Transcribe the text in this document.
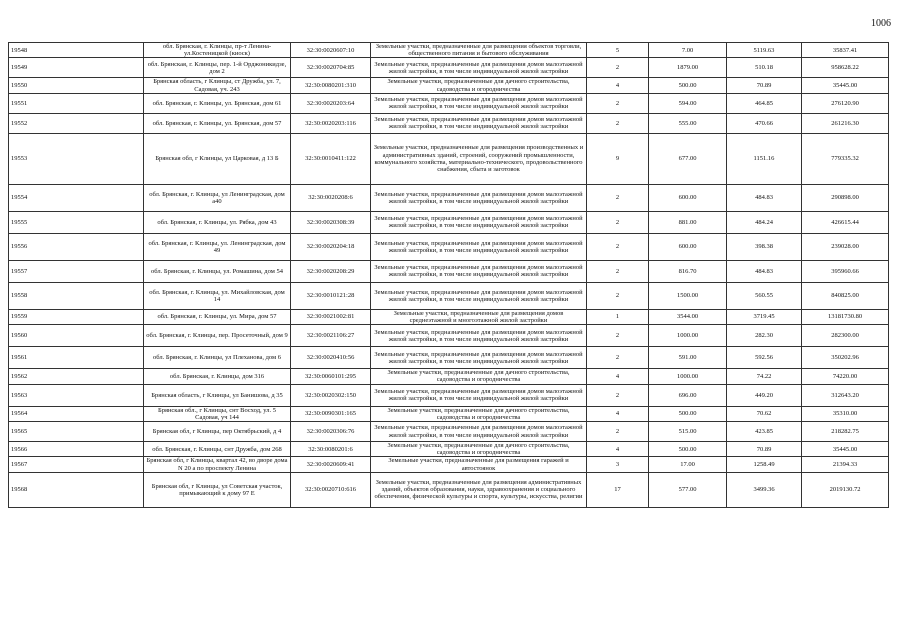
1006
19548	обл. Брянская, г. Клинцы, пр-т Ленина-ул.Костеницкой (киоск)	32:30:0020607:10	Земельные участки, предназначенные для размещения объектов торговли, общественного питания и бытового обслуживания	5	7.00	5119.63	35837.41
19549	обл. Брянская, г. Клинцы, пер. 1-й Орджоникидзе, дом 2	32:30:0020704:85	Земельные участки, предназначенные для размещения домов малоэтажной жилой застройки, в том числе индивидуальной жилой застройки	2	1879.00	510.18	958628.22
19550	Брянская область, г Клинцы, ст Дружба, ул. 7, Садовая, уч. 243	32:30:0080201:310	Земельные участки, предназначенные для дачного строительства, садоводства и огородничества	4	500.00	70.89	35445.00
19551	обл. Брянская, г. Клинцы, ул. Брянская, дом 61	32:30:0020203:64	Земельные участки, предназначенные для размещения домов малоэтажной жилой застройки, в том числе индивидуальной жилой застройки	2	594.00	464.85	276120.90
19552	обл. Брянская, г. Клинцы, ул. Брянская, дом 57	32:30:0020203:116	Земельные участки, предназначенные для размещения домов малоэтажной жилой застройки, в том числе индивидуальной жилой застройки	2	555.00	470.66	261216.30
19553	Брянская обл, г Клинцы, ул Царковая, д 13 Б	32:30:0010411:122	Земельные участки, предназначенные для размещения производственных и административных зданий, строений, сооружений промышленности, коммунального хозяйства, материально-технического, продовольственного снабжения, сбыта и заготовок	9	677.00	1151.16	779335.32
19554	обл. Брянская, г. Клинцы, ул Ленинградская, дом а40	32:30:0020208:6	Земельные участки, предназначенные для размещения домов малоэтажной жилой застройки, в том числе индивидуальной жилой застройки	2	600.00	484.83	290898.00
19555	обл. Брянская, г. Клинцы, ул. Рябка, дом 43	32:30:0020308:39	Земельные участки, предназначенные для размещения домов малоэтажной жилой застройки, в том числе индивидуальной жилой застройки	2	881.00	484.24	426615.44
19556	обл. Брянская, г. Клинцы, ул. Ленинградская, дом 49	32:30:0020204:18	Земельные участки, предназначенные для размещения домов малоэтажной жилой застройки, в том числе индивидуальной жилой застройки	2	600.00	398.38	239028.00
19557	обл. Брянская, г. Клинцы, ул. Ромашина, дом 54	32:30:0020208:29	Земельные участки, предназначенные для размещения домов малоэтажной жилой застройки, в том числе индивидуальной жилой застройки	2	816.70	484.83	395960.66
19558	обл. Брянская, г. Клинцы, ул. Михайловская, дом 14	32:30:0010121:28	Земельные участки, предназначенные для размещения домов малоэтажной жилой застройки, в том числе индивидуальной жилой застройки	2	1500.00	560.55	840825.00
19559	обл. Брянская, г. Клинцы, ул. Мира, дом 57	32:30:0021002:81	Земельные участки, предназначенные для размещения домов среднеэтажной и многоэтажной жилой застройки	1	3544.00	3719.45	13181730.80
19560	обл. Брянская, г. Клинцы, пер. Просеточный, дом 9	32:30:0021106:27	Земельные участки, предназначенные для размещения домов малоэтажной жилой застройки, в том числе индивидуальной жилой застройки	2	1000.00	282.30	282300.00
19561	обл. Брянская, г. Клинцы, ул Плеханова, дом 6	32:30:0020410:56	Земельные участки, предназначенные для размещения домов малоэтажной жилой застройки, в том числе индивидуальной жилой застройки	2	591.00	592.56	350202.96
19562	обл. Брянская, г. Клинцы, дом 316	32:30:0060101:295	Земельные участки, предназначенные для дачного строительства, садоводства и огородничества	4	1000.00	74.22	74220.00
19563	Брянская область, г Клинцы, ул Банишова, д 35	32:30:0020302:150	Земельные участки, предназначенные для размещения домов малоэтажной жилой застройки, в том числе индивидуальной жилой застройки	2	696.00	449.20	312643.20
19564	Брянская обл., г Клинцы, снт Восход, ул. 5 Садовая, уч 144	32:30:0090301:165	Земельные участки, предназначенные для дачного строительства, садоводства и огородничества	4	500.00	70.62	35310.00
19565	Брянская обл, г Клинцы, пер Октябрьский, д 4	32:30:0020306:76	Земельные участки, предназначенные для размещения домов малоэтажной жилой застройки, в том числе индивидуальной жилой застройки	2	515.00	423.85	218282.75
19566	обл. Брянская, г. Клинцы, снт Дружба, дом 268	32:30:0080201:6	Земельные участки, предназначенные для дачного строительства, садоводства и огородничества	4	500.00	70.89	35445.00
19567	Брянская обл, г Клинцы, квартал 42, во дворе дома N 20 а по проспекту Ленина	32:30:0020609:41	Земельные участки, предназначенные для размещения гаражей и автостоянок	3	17.00	1258.49	21394.33
19568	Брянская обл, г Клинцы, ул Советская участок, примыкающий к дому 97 Е	32:30:0020710:616	Земельные участки, предназначенные для размещения административных зданий, объектов образования, науки, здравоохранения и социального обеспечения, физической культуры и спорта, культуры, искусства, религии	17	577.00	3499.36	2019130.72
